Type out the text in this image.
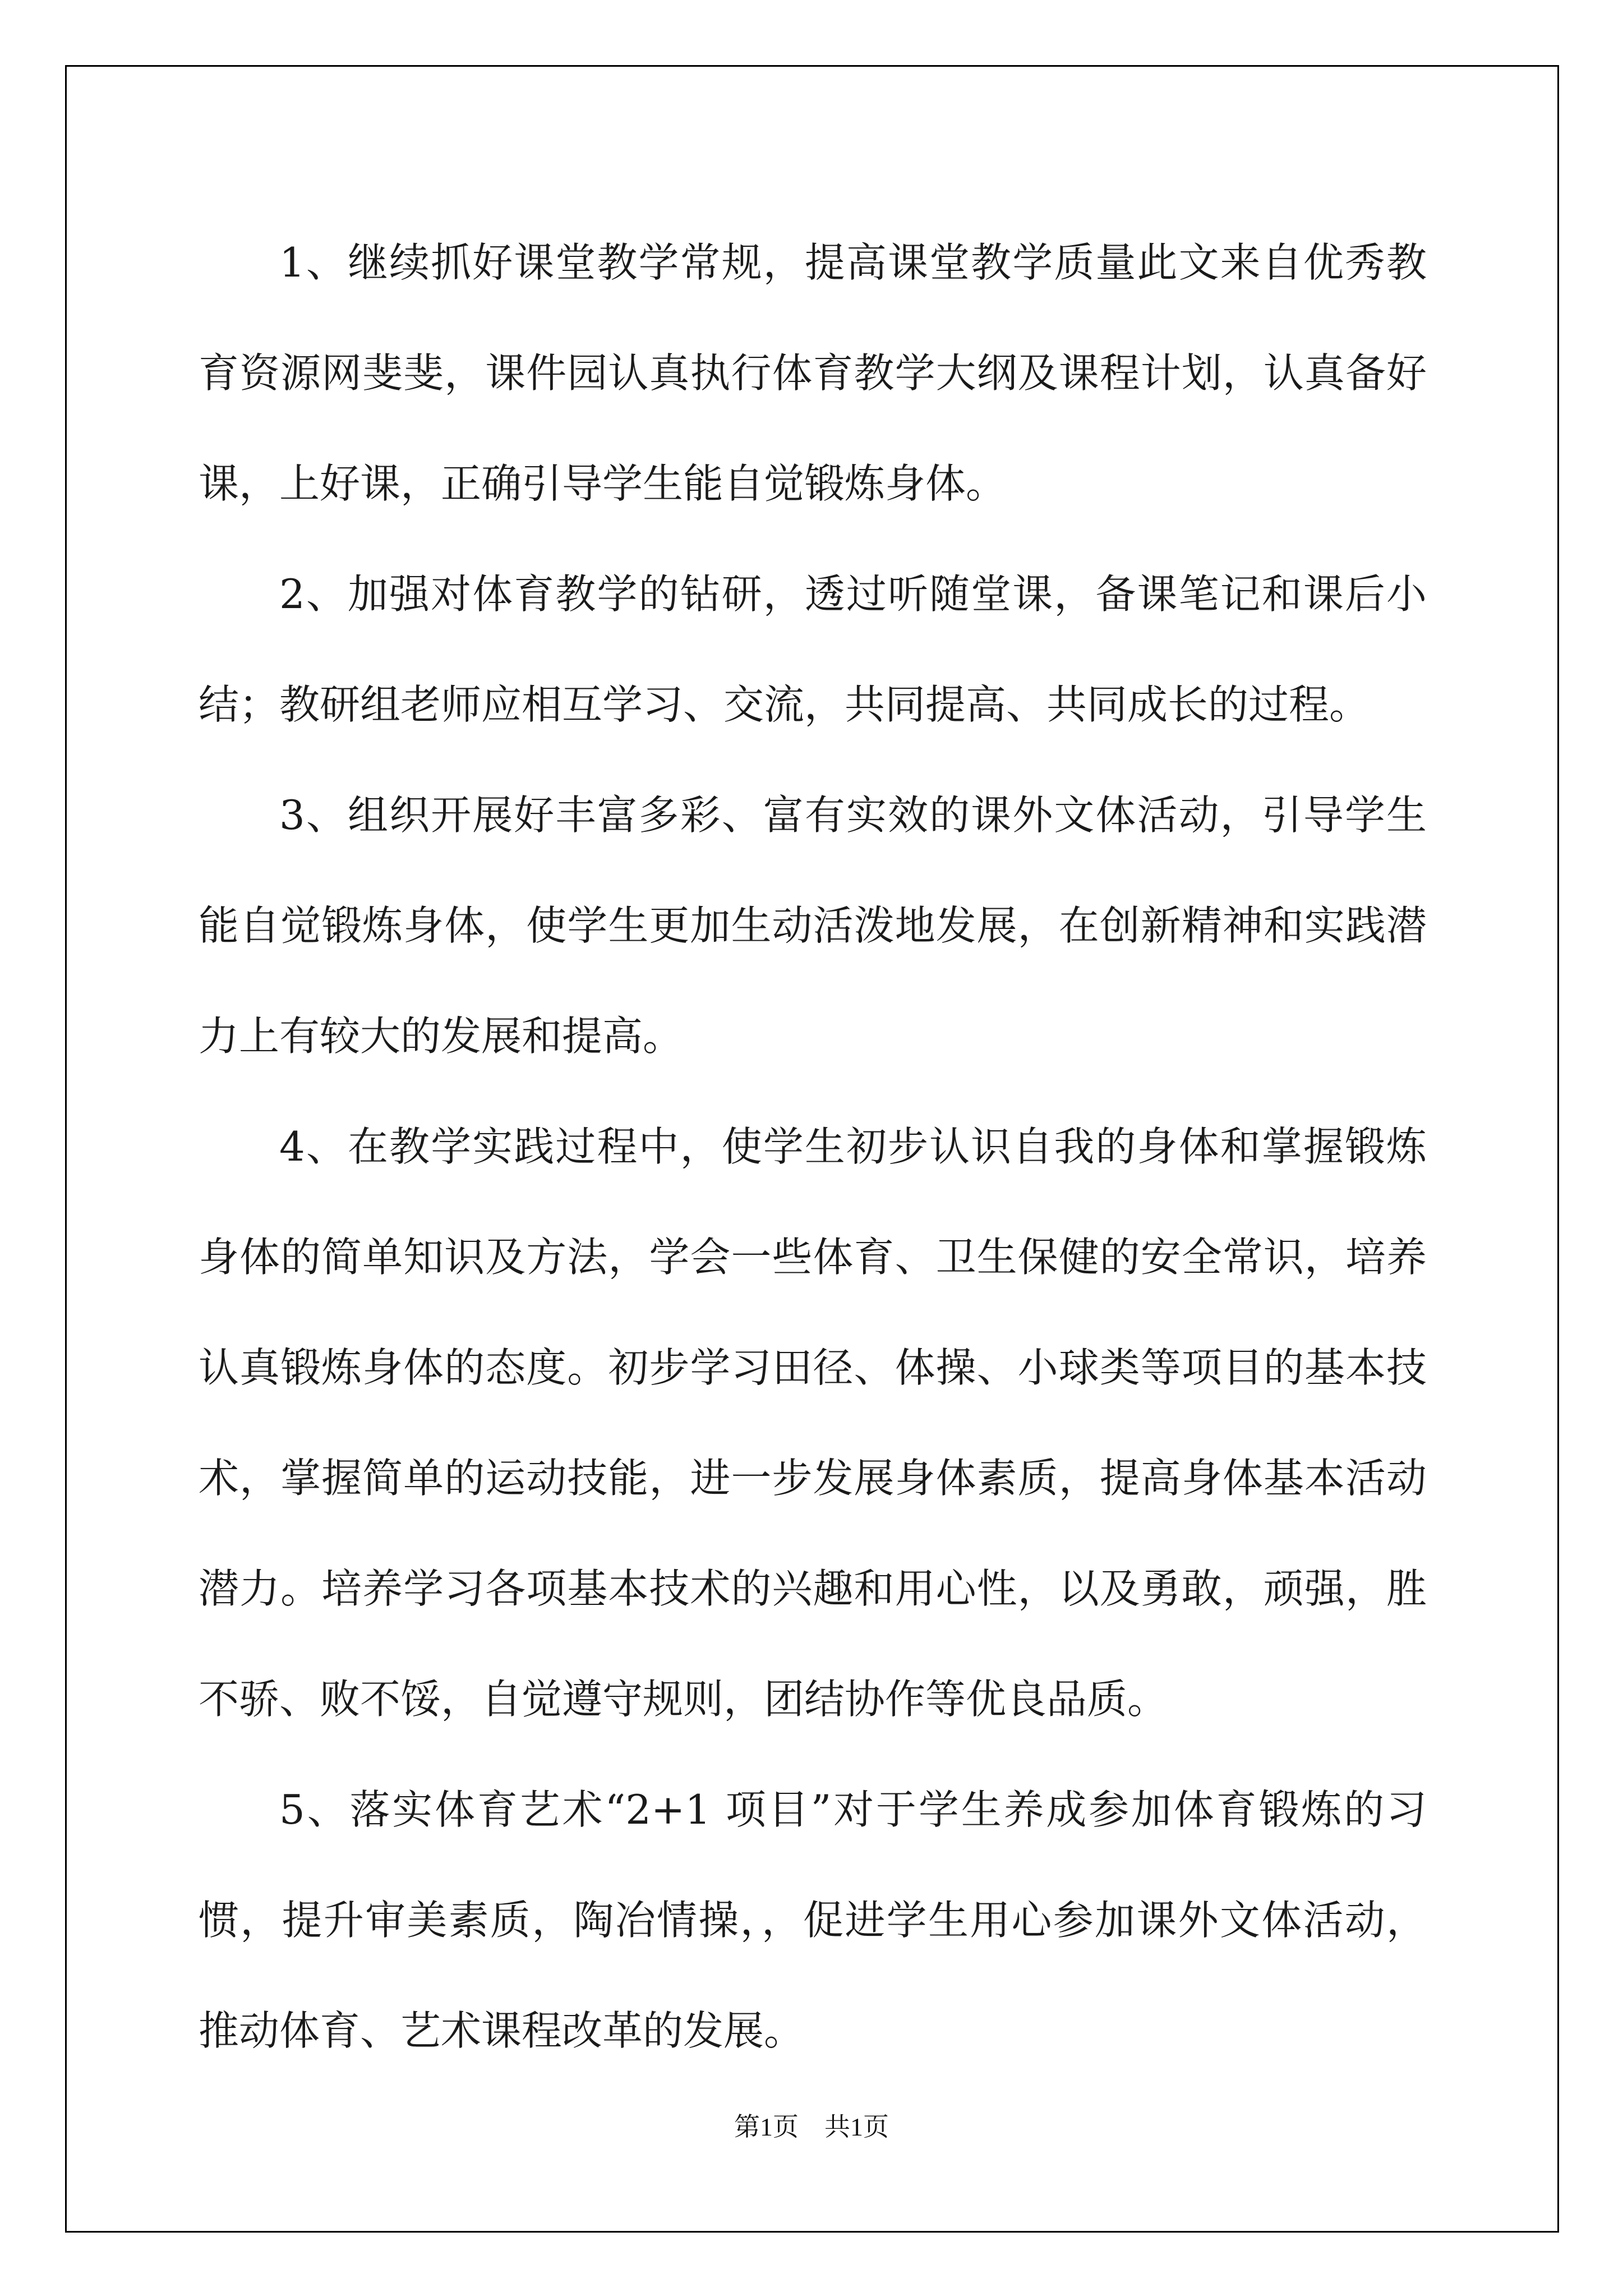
1、继续抓好课堂教学常规，提高课堂教学质量此文来自优秀教育资源网斐斐，课件园认真执行体育教学大纲及课程计划，认真备好课，上好课，正确引导学生能自觉锻炼身体。

2、加强对体育教学的钻研，透过听随堂课，备课笔记和课后小结；教研组老师应相互学习、交流，共同提高、共同成长的过程。

3、组织开展好丰富多彩、富有实效的课外文体活动，引导学生能自觉锻炼身体，使学生更加生动活泼地发展，在创新精神和实践潜力上有较大的发展和提高。

4、在教学实践过程中，使学生初步认识自我的身体和掌握锻炼身体的简单知识及方法，学会一些体育、卫生保健的安全常识，培养认真锻炼身体的态度。初步学习田径、体操、小球类等项目的基本技术，掌握简单的运动技能，进一步发展身体素质，提高身体基本活动潜力。培养学习各项基本技术的兴趣和用心性，以及勇敢，顽强，胜不骄、败不馁，自觉遵守规则，团结协作等优良品质。

5、落实体育艺术“2+1 项目”对于学生养成参加体育锻炼的习惯，提升审美素质，陶冶情操，，促进学生用心参加课外文体活动，推动体育、艺术课程改革的发展。

第1页　共1页
